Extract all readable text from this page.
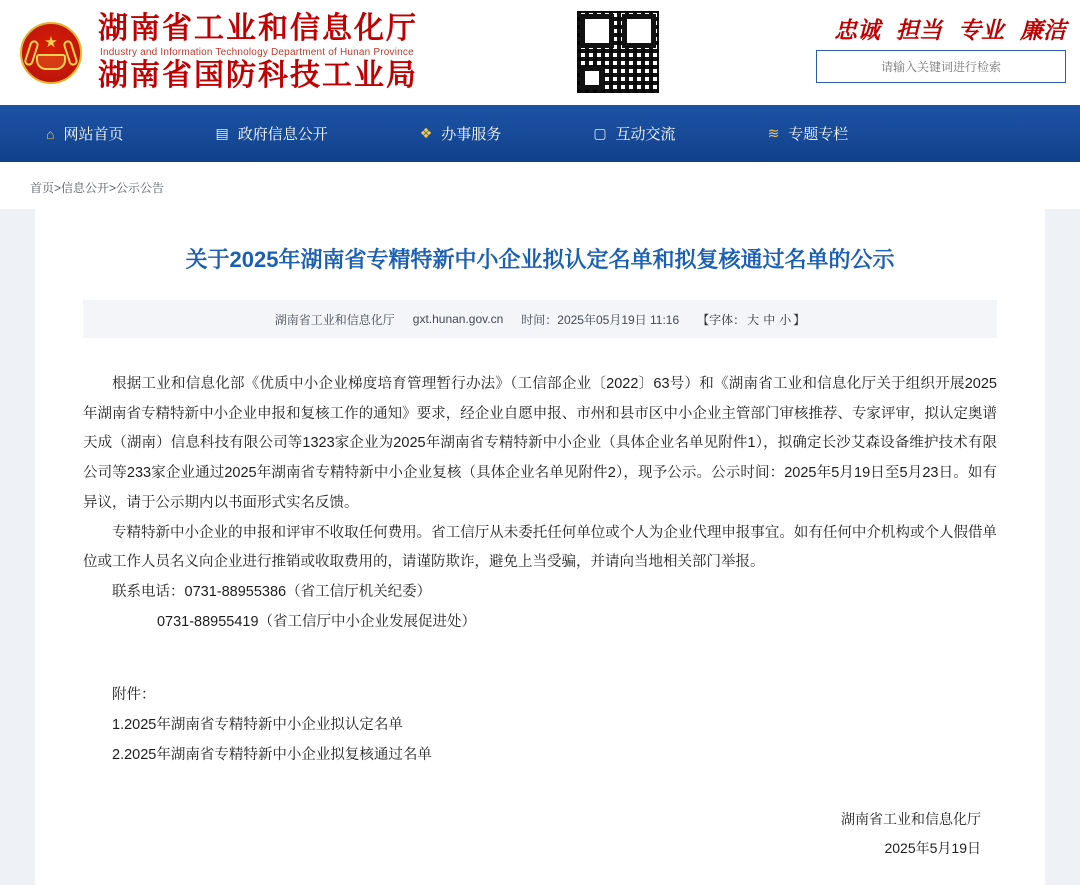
★ 湖南省工业和信息化厅
Industry and Information Technology Department of Hunan Province
湖南省国防科技工业局
忠诚 担当 专业 廉洁
请输入关键词进行检索
⌂ 网站首页	▤ 政府信息公开	❖ 办事服务	▢ 互动交流	≋ 专题专栏
首页>信息公开>公示公告
关于2025年湖南省专精特新中小企业拟认定名单和拟复核通过名单的公示
湖南省工业和信息化厅 gxt.hunan.gov.cn 时间：2025年05月19日 11:16 【字体： 大 中 小 】

根据工业和信息化部《优质中小企业梯度培育管理暂行办法》（工信部企业〔2022〕63号）和《湖南省工业和信息化厅关于组织开展2025年湖南省专精特新中小企业申报和复核工作的通知》要求，经企业自愿申报、市州和县市区中小企业主管部门审核推荐、专家评审，拟认定奥谱天成（湖南）信息科技有限公司等1323家企业为2025年湖南省专精特新中小企业（具体企业名单见附件1），拟确定长沙艾森设备维护技术有限公司等233家企业通过2025年湖南省专精特新中小企业复核（具体企业名单见附件2），现予公示。公示时间：2025年5月19日至5月23日。如有异议，请于公示期内以书面形式实名反馈。

专精特新中小企业的申报和评审不收取任何费用。省工信厅从未委托任何单位或个人为企业代理申报事宜。如有任何中介机构或个人假借单位或工作人员名义向企业进行推销或收取费用的，请谨防欺诈，避免上当受骗，并请向当地相关部门举报。

联系电话：0731-88955386（省工信厅机关纪委）

0731-88955419（省工信厅中小企业发展促进处）

附件：

1.2025年湖南省专精特新中小企业拟认定名单

2.2025年湖南省专精特新中小企业拟复核通过名单

湖南省工业和信息化厅
2025年5月19日
